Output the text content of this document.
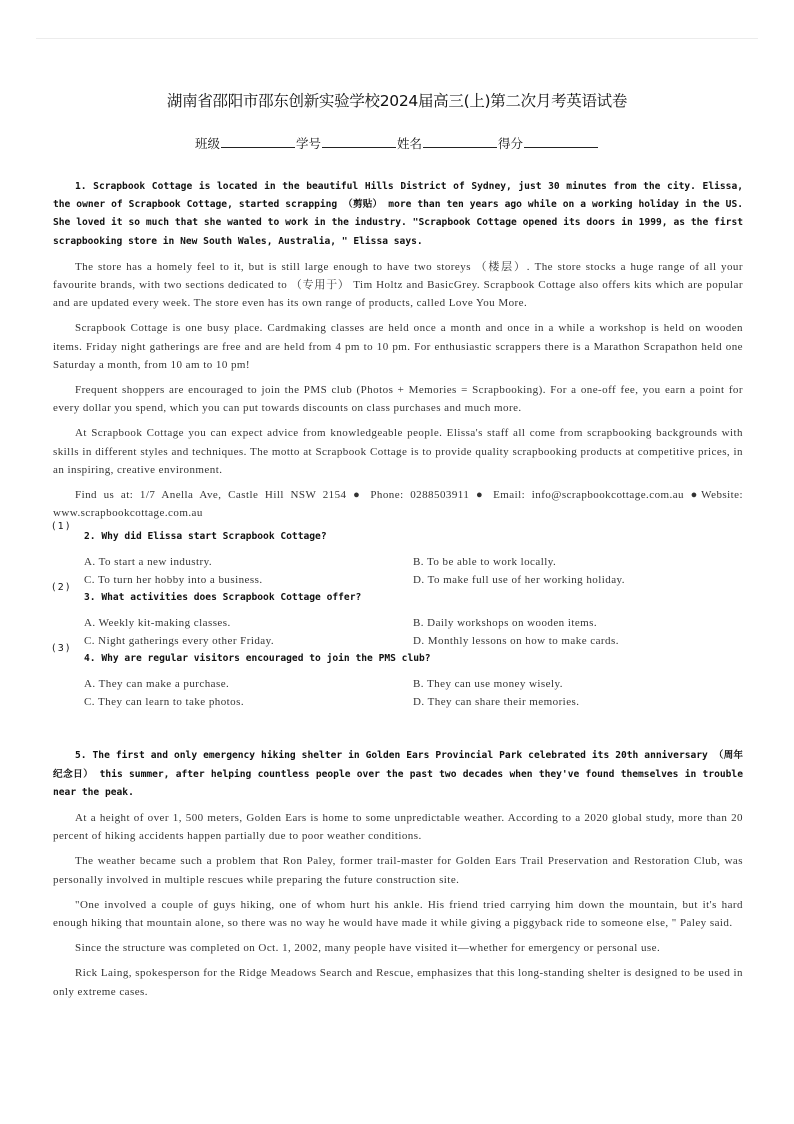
湖南省邵阳市邵东创新实验学校2024届高三(上)第二次月考英语试卷
班级	学号	姓名	得分

1. Scrapbook Cottage is located in the beautiful Hills District of Sydney, just 30 minutes from the city. Elissa, the owner of Scrapbook Cottage, started scrapping （剪贴） more than ten years ago while on a working holiday in the US. She loved it so much that she wanted to work in the industry. "Scrapbook Cottage opened its doors in 1999, as the first scrapbooking store in New South Wales, Australia, " Elissa says.

The store has a homely feel to it, but is still large enough to have two storeys （楼层）. The store stocks a huge range of all your favourite brands, with two sections dedicated to （专用于） Tim Holtz and BasicGrey. Scrapbook Cottage also offers kits which are popular and are updated every week. The store even has its own range of products, called Love You More.

Scrapbook Cottage is one busy place. Cardmaking classes are held once a month and once in a while a workshop is held on wooden items. Friday night gatherings are free and are held from 4 pm to 10 pm. For enthusiastic scrappers there is a Marathon Scrapathon held one Saturday a month, from 10 am to 10 pm!

Frequent shoppers are encouraged to join the PMS club (Photos + Memories = Scrapbooking). For a one-off fee, you earn a point for every dollar you spend, which you can put towards discounts on class purchases and much more.

At Scrapbook Cottage you can expect advice from knowledgeable people. Elissa's staff all come from scrapbooking backgrounds with skills in different styles and techniques. The motto at Scrapbook Cottage is to provide quality scrapbooking products at competitive prices, in an inspiring, creative environment.

Find us at: 1/7 Anella Ave, Castle Hill NSW 2154 ● Phone: 0288503911 ● Email: info@scrapbookcottage.com.au ●Website: www.scrapbookcottage.com.au

(1)

2. Why did Elissa start Scrapbook Cottage?

A. To start a new industry.	B. To be able to work locally.
C. To turn her hobby into a business.	D. To make full use of her working holiday.
(2)

3. What activities does Scrapbook Cottage offer?

A. Weekly kit-making classes.	B. Daily workshops on wooden items.
C. Night gatherings every other Friday.	D. Monthly lessons on how to make cards.
(3)

4. Why are regular visitors encouraged to join the PMS club?

A. They can make a purchase.	B. They can use money wisely.
C. They can learn to take photos.	D. They can share their memories.

5. The first and only emergency hiking shelter in Golden Ears Provincial Park celebrated its 20th anniversary （周年纪念日） this summer, after helping countless people over the past two decades when they've found themselves in trouble near the peak.

At a height of over 1, 500 meters, Golden Ears is home to some unpredictable weather. According to a 2020 global study, more than 20 percent of hiking accidents happen partially due to poor weather conditions.

The weather became such a problem that Ron Paley, former trail-master for Golden Ears Trail Preservation and Restoration Club, was personally involved in multiple rescues while preparing the future construction site.

"One involved a couple of guys hiking, one of whom hurt his ankle. His friend tried carrying him down the mountain, but it's hard enough hiking that mountain alone, so there was no way he would have made it while giving a piggyback ride to someone else, " Paley said.

Since the structure was completed on Oct. 1, 2002, many people have visited it—whether for emergency or personal use.

Rick Laing, spokesperson for the Ridge Meadows Search and Rescue, emphasizes that this long-standing shelter is designed to be used in only extreme cases.
